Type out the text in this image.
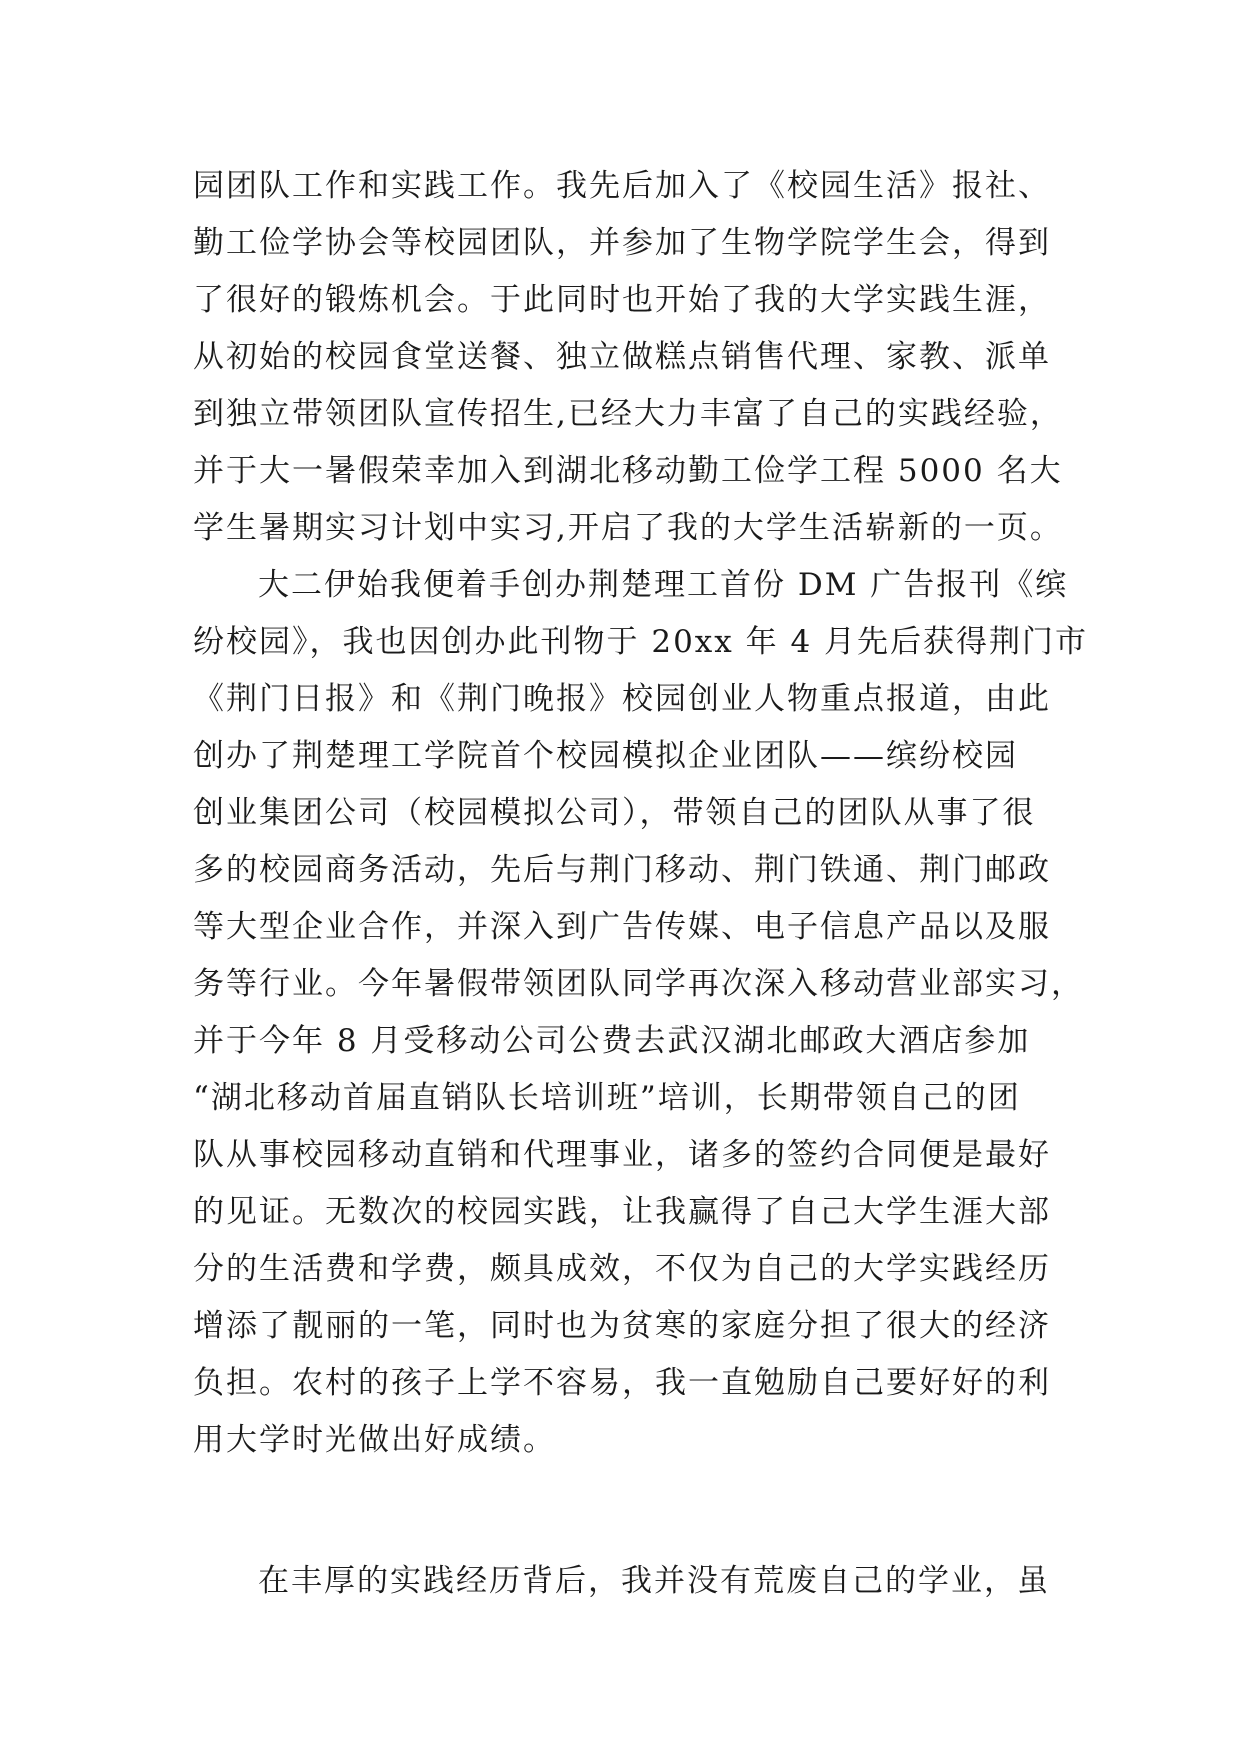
园团队工作和实践工作。我先后加入了《校园生活》报社、
勤工俭学协会等校园团队，并参加了生物学院学生会，得到
了很好的锻炼机会。于此同时也开始了我的大学实践生涯，
从初始的校园食堂送餐、独立做糕点销售代理、家教、派单
到独立带领团队宣传招生,已经大力丰富了自己的实践经验，
并于大一暑假荣幸加入到湖北移动勤工俭学工程 5000 名大
学生暑期实习计划中实习,开启了我的大学生活崭新的一页。
大二伊始我便着手创办荆楚理工首份 DM 广告报刊《缤
纷校园》，我也因创办此刊物于 20xx 年 4 月先后获得荆门市
《荆门日报》和《荆门晚报》校园创业人物重点报道，由此
创办了荆楚理工学院首个校园模拟企业团队——缤纷校园
创业集团公司（校园模拟公司），带领自己的团队从事了很
多的校园商务活动，先后与荆门移动、荆门铁通、荆门邮政
等大型企业合作，并深入到广告传媒、电子信息产品以及服
务等行业。今年暑假带领团队同学再次深入移动营业部实习，
并于今年 8 月受移动公司公费去武汉湖北邮政大酒店参加
“湖北移动首届直销队长培训班”培训，长期带领自己的团
队从事校园移动直销和代理事业，诸多的签约合同便是最好
的见证。无数次的校园实践，让我赢得了自己大学生涯大部
分的生活费和学费，颇具成效，不仅为自己的大学实践经历
增添了靓丽的一笔，同时也为贫寒的家庭分担了很大的经济
负担。农村的孩子上学不容易，我一直勉励自己要好好的利
用大学时光做出好成绩。
在丰厚的实践经历背后，我并没有荒废自己的学业，虽
